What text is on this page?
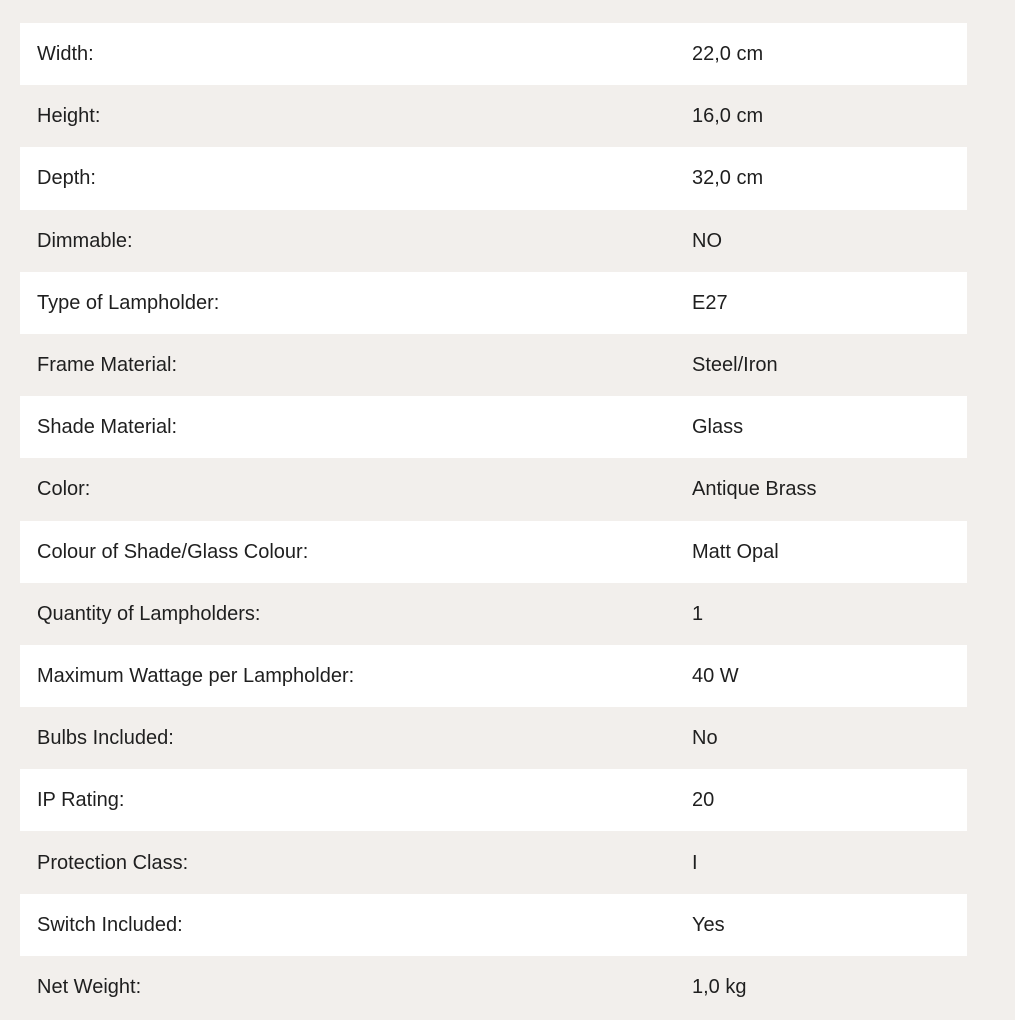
Width:	22,0 cm
Height:	16,0 cm
Depth:	32,0 cm
Dimmable:	NO
Type of Lampholder:	E27
Frame Material:	Steel/Iron
Shade Material:	Glass
Color:	Antique Brass
Colour of Shade/Glass Colour:	Matt Opal
Quantity of Lampholders:	1
Maximum Wattage per Lampholder:	40 W
Bulbs Included:	No
IP Rating:	20
Protection Class:	I
Switch Included:	Yes
Net Weight:	1,0 kg
